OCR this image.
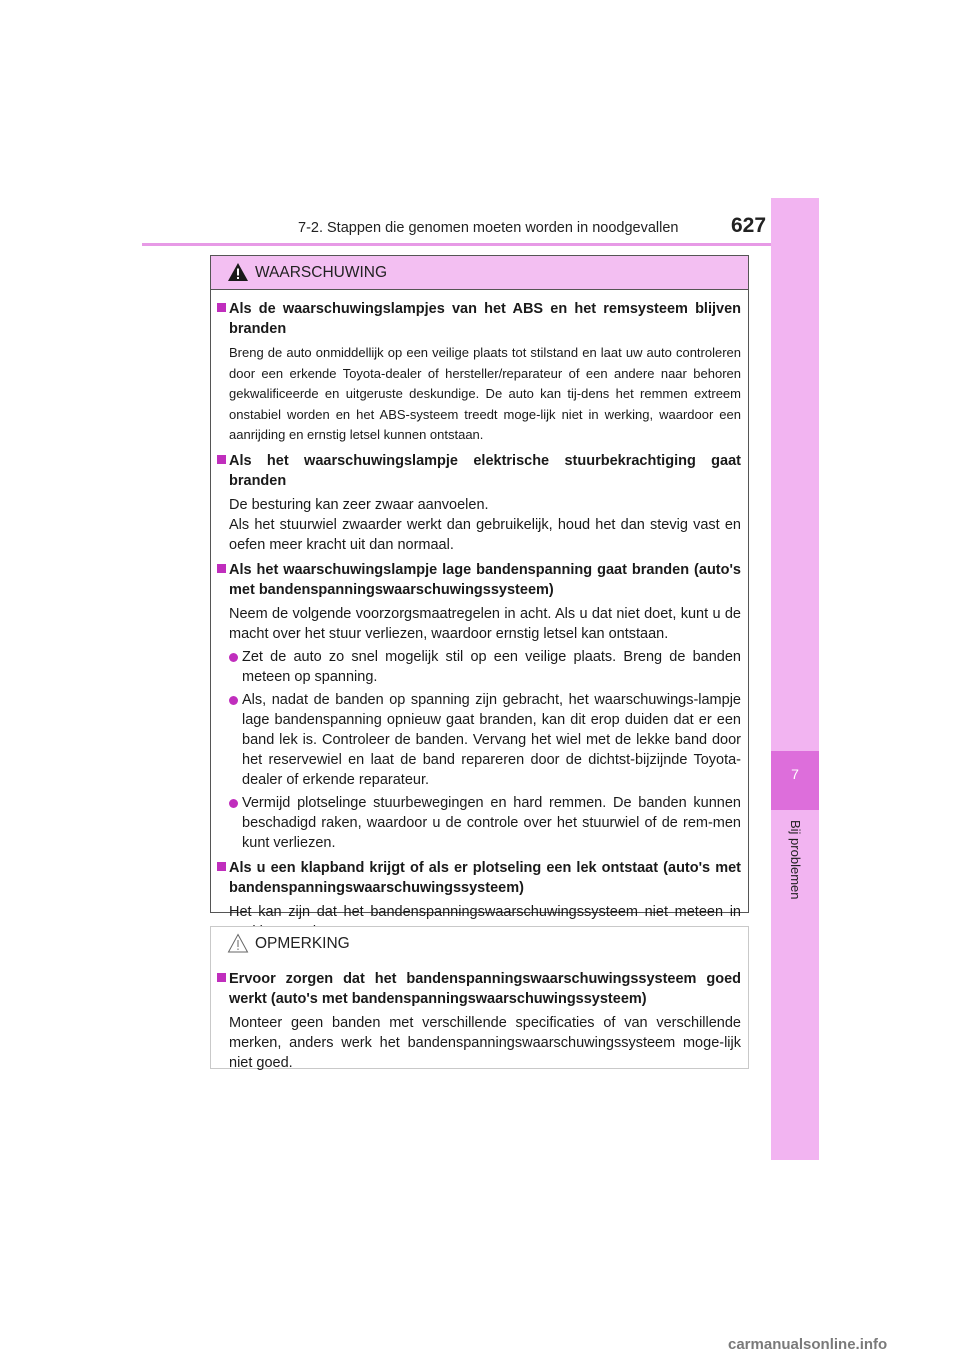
7-2. Stappen die genomen moeten worden in noodgevallen	627
7
Bij problemen
WAARSCHUWING
Als de waarschuwingslampjes van het ABS en het remsysteem blijven branden
Breng de auto onmiddellijk op een veilige plaats tot stilstand en laat uw auto controleren door een erkende Toyota-dealer of hersteller/reparateur of een andere naar behoren gekwalificeerde en uitgeruste deskundige. De auto kan tij-dens het remmen extreem onstabiel worden en het ABS-systeem treedt moge-lijk niet in werking, waardoor een aanrijding en ernstig letsel kunnen ontstaan.
Als het waarschuwingslampje elektrische stuurbekrachtiging gaat branden
De besturing kan zeer zwaar aanvoelen.
Als het stuurwiel zwaarder werkt dan gebruikelijk, houd het dan stevig vast en oefen meer kracht uit dan normaal.
Als het waarschuwingslampje lage bandenspanning gaat branden (auto's met bandenspanningswaarschuwingssysteem)
Neem de volgende voorzorgsmaatregelen in acht. Als u dat niet doet, kunt u de macht over het stuur verliezen, waardoor ernstig letsel kan ontstaan.
Zet de auto zo snel mogelijk stil op een veilige plaats. Breng de banden meteen op spanning.
Als, nadat de banden op spanning zijn gebracht, het waarschuwings-lampje lage bandenspanning opnieuw gaat branden, kan dit erop duiden dat er een band lek is. Controleer de banden. Vervang het wiel met de lekke band door het reservewiel en laat de band repareren door de dichtst-bijzijnde Toyota-dealer of erkende reparateur.
Vermijd plotselinge stuurbewegingen en hard remmen. De banden kunnen beschadigd raken, waardoor u de controle over het stuurwiel of de rem-men kunt verliezen.
Als u een klapband krijgt of als er plotseling een lek ontstaat (auto's met bandenspanningswaarschuwingssysteem)
Het kan zijn dat het bandenspanningswaarschuwingssysteem niet meteen in
OPMERKING
Ervoor zorgen dat het bandenspanningswaarschuwingssysteem goed werkt (auto's met bandenspanningswaarschuwingssysteem)
Monteer geen banden met verschillende specificaties of van verschillende merken, anders werk het bandenspanningswaarschuwingssysteem moge-lijk niet goed.
carmanualsonline.info
